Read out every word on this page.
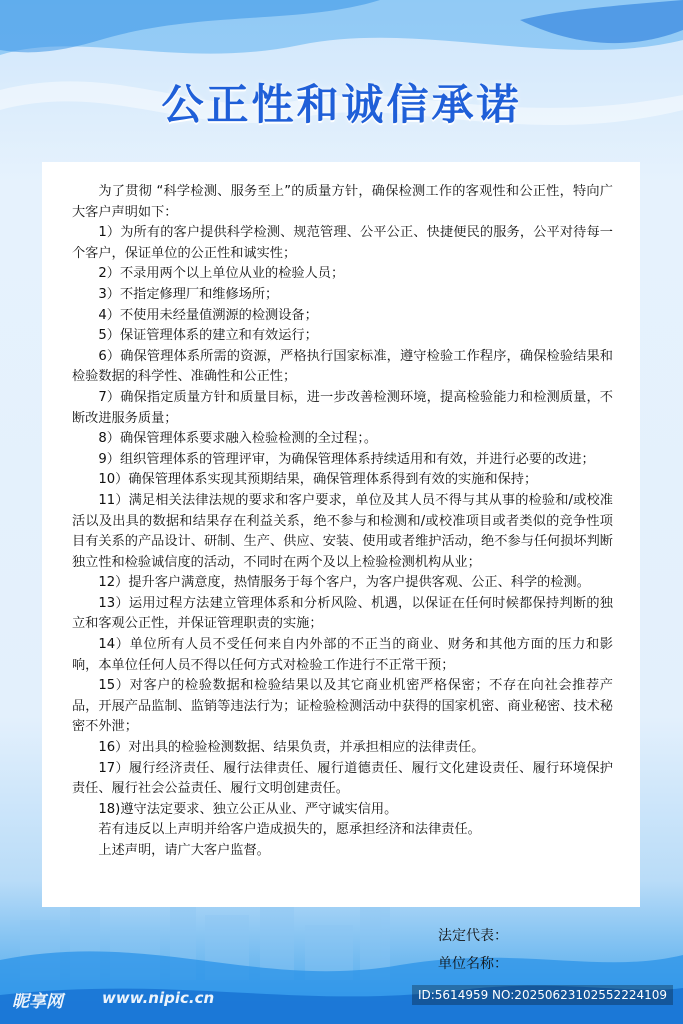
公正性和诚信承诺

为了贯彻 “科学检测、服务至上”的质量方针，确保检测工作的客观性和公正性，特向广大客户声明如下：

1）为所有的客户提供科学检测、规范管理、公平公正、快捷便民的服务，公平对待每一个客户，保证单位的公正性和诚实性；

2）不录用两个以上单位从业的检验人员；

3）不指定修理厂和维修场所；

4）不使用未经量值溯源的检测设备；

5）保证管理体系的建立和有效运行；

6）确保管理体系所需的资源，严格执行国家标准，遵守检验工作程序，确保检验结果和检验数据的科学性、准确性和公正性；

7）确保指定质量方针和质量目标，进一步改善检测环境，提高检验能力和检测质量，不断改进服务质量；

8）确保管理体系要求融入检验检测的全过程；。

9）组织管理体系的管理评审，为确保管理体系持续适用和有效，并进行必要的改进；

10）确保管理体系实现其预期结果，确保管理体系得到有效的实施和保持；

11）满足相关法律法规的要求和客户要求，单位及其人员不得与其从事的检验和/或校准活以及出具的数据和结果存在利益关系，绝不参与和检测和/或校准项目或者类似的竞争性项目有关系的产品设计、研制、生产、供应、安装、使用或者维护活动，绝不参与任何损坏判断独立性和检验诚信度的活动，不同时在两个及以上检验检测机构从业；

12）提升客户满意度，热情服务于每个客户，为客户提供客观、公正、科学的检测。

13）运用过程方法建立管理体系和分析风险、机遇，以保证在任何时候都保持判断的独立和客观公正性，并保证管理职责的实施；

14）单位所有人员不受任何来自内外部的不正当的商业、财务和其他方面的压力和影响，本单位任何人员不得以任何方式对检验工作进行不正常干预；

15）对客户的检验数据和检验结果以及其它商业机密严格保密；不存在向社会推荐产品，开展产品监制、监销等违法行为；证检验检测活动中获得的国家机密、商业秘密、技术秘密不外泄；

16）对出具的检验检测数据、结果负责，并承担相应的法律责任。

17）履行经济责任、履行法律责任、履行道德责任、履行文化建设责任、履行环境保护责任、履行社会公益责任、履行文明创建责任。

18)遵守法定要求、独立公正从业、严守诚实信用。

若有违反以上声明并给客户造成损失的，愿承担经济和法律责任。

上述声明，请广大客户监督。

法定代表：
单位名称：
昵享网	www.nipic.cn	ID:5614959 NO:20250623102552224109
